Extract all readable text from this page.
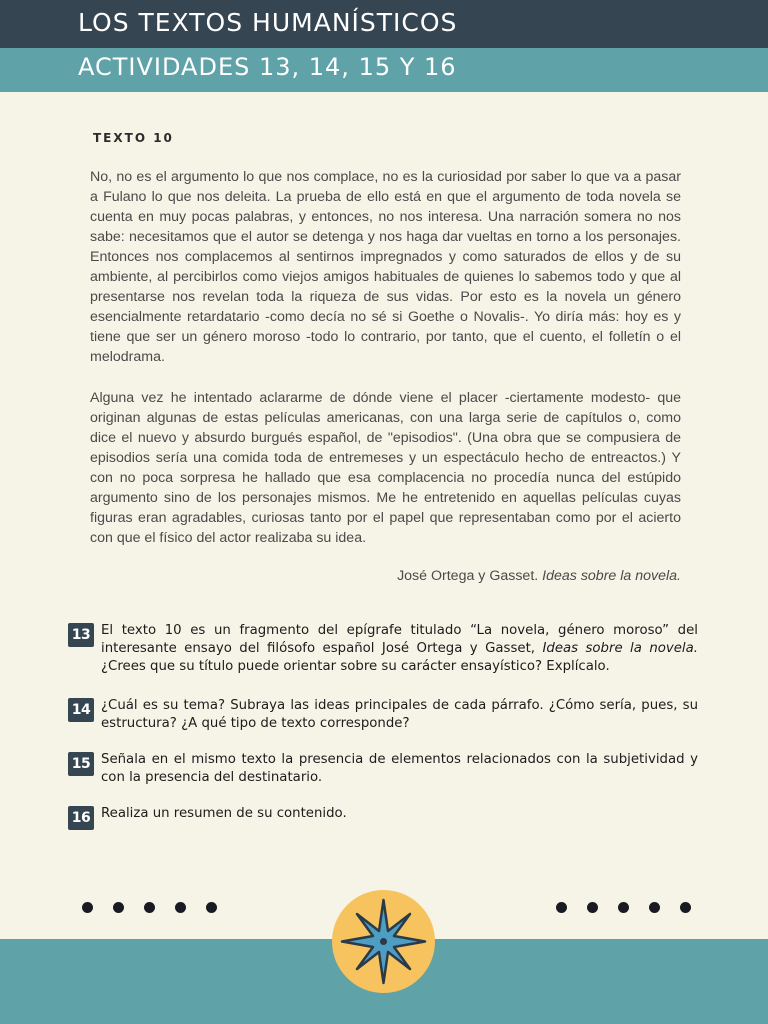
LOS TEXTOS HUMANÍSTICOS
ACTIVIDADES 13, 14, 15 Y 16
TEXTO 10

No, no es el argumento lo que nos complace, no es la curiosidad por saber lo que va a pasar a Fulano lo que nos deleita. La prueba de ello está en que el argumento de toda novela se cuenta en muy pocas palabras, y entonces, no nos interesa. Una narración somera no nos sabe: necesitamos que el autor se detenga y nos haga dar vueltas en torno a los personajes. Entonces nos complacemos al sentirnos impregnados y como saturados de ellos y de su ambiente, al percibirlos como viejos amigos habituales de quienes lo sabemos todo y que al presentarse nos revelan toda la riqueza de sus vidas. Por esto es la novela un género esencialmente retardatario -como decía no sé si Goethe o Novalis-. Yo diría más: hoy es y tiene que ser un género moroso -todo lo contrario, por tanto, que el cuento, el folletín o el melodrama.

Alguna vez he intentado aclararme de dónde viene el placer -ciertamente modesto- que originan algunas de estas películas americanas, con una larga serie de capítulos o, como dice el nuevo y absurdo burgués español, de "episodios". (Una obra que se compusiera de episodios sería una comida toda de entremeses y un espectáculo hecho de entreactos.) Y con no poca sorpresa he hallado que esa complacencia no procedía nunca del estúpido argumento sino de los personajes mismos. Me he entretenido en aquellas películas cuyas figuras eran agradables, curiosas tanto por el papel que representaban como por el acierto con que el físico del actor realizaba su idea.

José Ortega y Gasset. Ideas sobre la novela.
13 El texto 10 es un fragmento del epígrafe titulado “La novela, género moroso” del interesante ensayo del filósofo español José Ortega y Gasset, Ideas sobre la novela. ¿Crees que su título puede orientar sobre su carácter ensayístico? Explícalo.

14 ¿Cuál es su tema? Subraya las ideas principales de cada párrafo. ¿Cómo sería, pues, su estructura? ¿A qué tipo de texto corresponde?

15 Señala en el mismo texto la presencia de elementos relacionados con la subjetividad y con la presencia del destinatario.

16 Realiza un resumen de su contenido.
